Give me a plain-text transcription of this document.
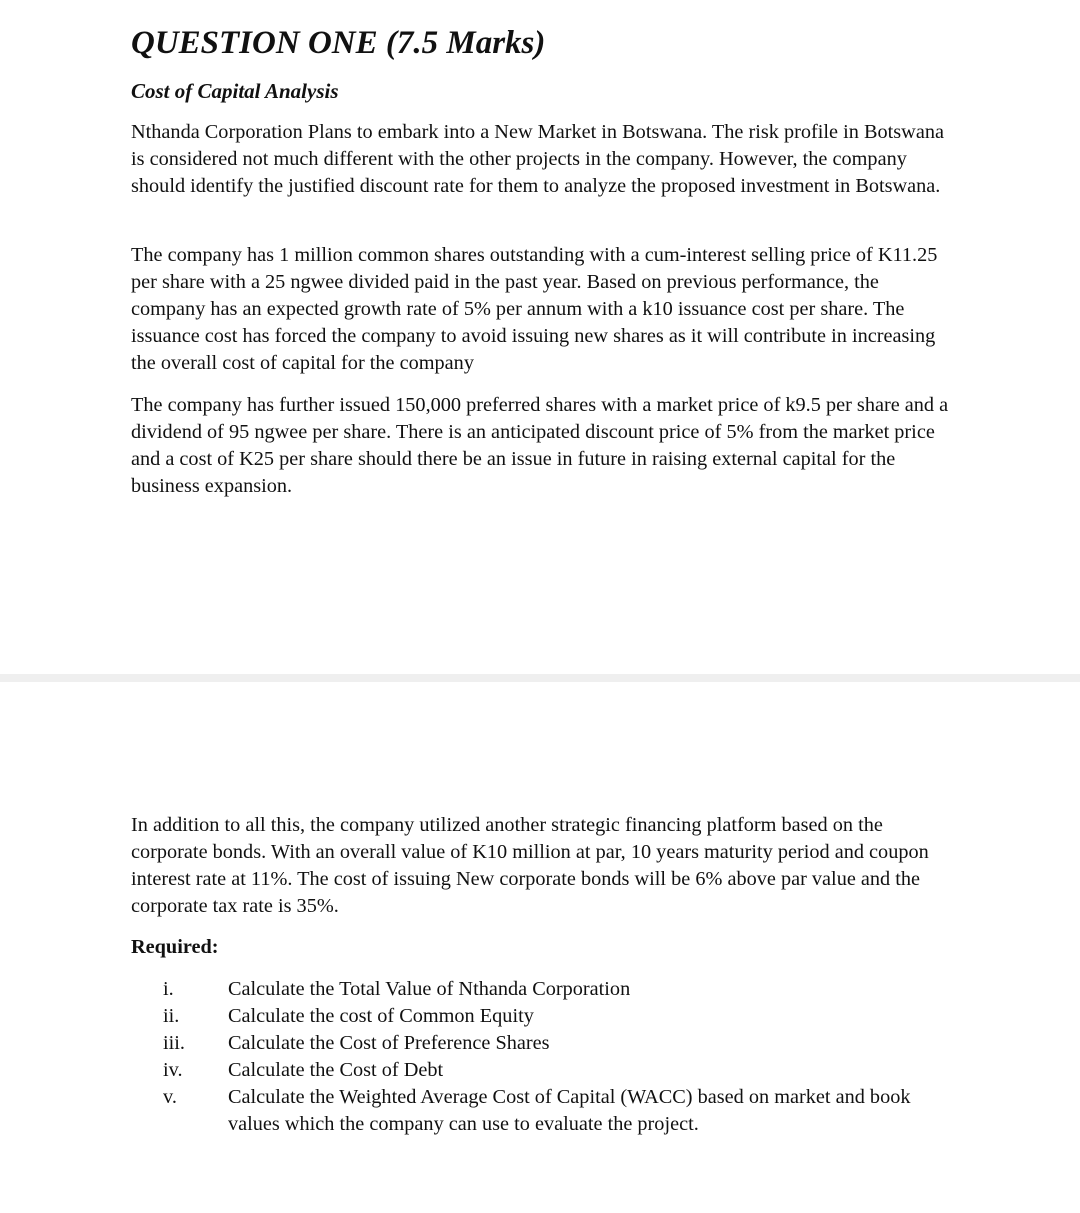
QUESTION ONE (7.5 Marks)
Cost of Capital Analysis

Nthanda Corporation Plans to embark into a New Market in Botswana. The risk profile in Botswana is considered not much different with the other projects in the company. However, the company should identify the justified discount rate for them to analyze the proposed investment in Botswana.

The company has 1 million common shares outstanding with a cum-interest selling price of K11.25 per share with a 25 ngwee divided paid in the past year. Based on previous performance, the company has an expected growth rate of 5% per annum with a k10 issuance cost per share. The issuance cost has forced the company to avoid issuing new shares as it will contribute in increasing the overall cost of capital for the company

The company has further issued 150,000 preferred shares with a market price of k9.5 per share and a dividend of 95 ngwee per share. There is an anticipated discount price of 5% from the market price and a cost of K25 per share should there be an issue in future in raising external capital for the business expansion.

In addition to all this, the company utilized another strategic financing platform based on the corporate bonds. With an overall value of K10 million at par, 10 years maturity period and coupon interest rate at 11%. The cost of issuing New corporate bonds will be 6% above par value and the corporate tax rate is 35%.

Required:

i.	Calculate the Total Value of Nthanda Corporation
ii.	Calculate the cost of Common Equity
iii.	Calculate the Cost of Preference Shares
iv.	Calculate the Cost of Debt
v.	Calculate the Weighted Average Cost of Capital (WACC) based on market and book values which the company can use to evaluate the project.
